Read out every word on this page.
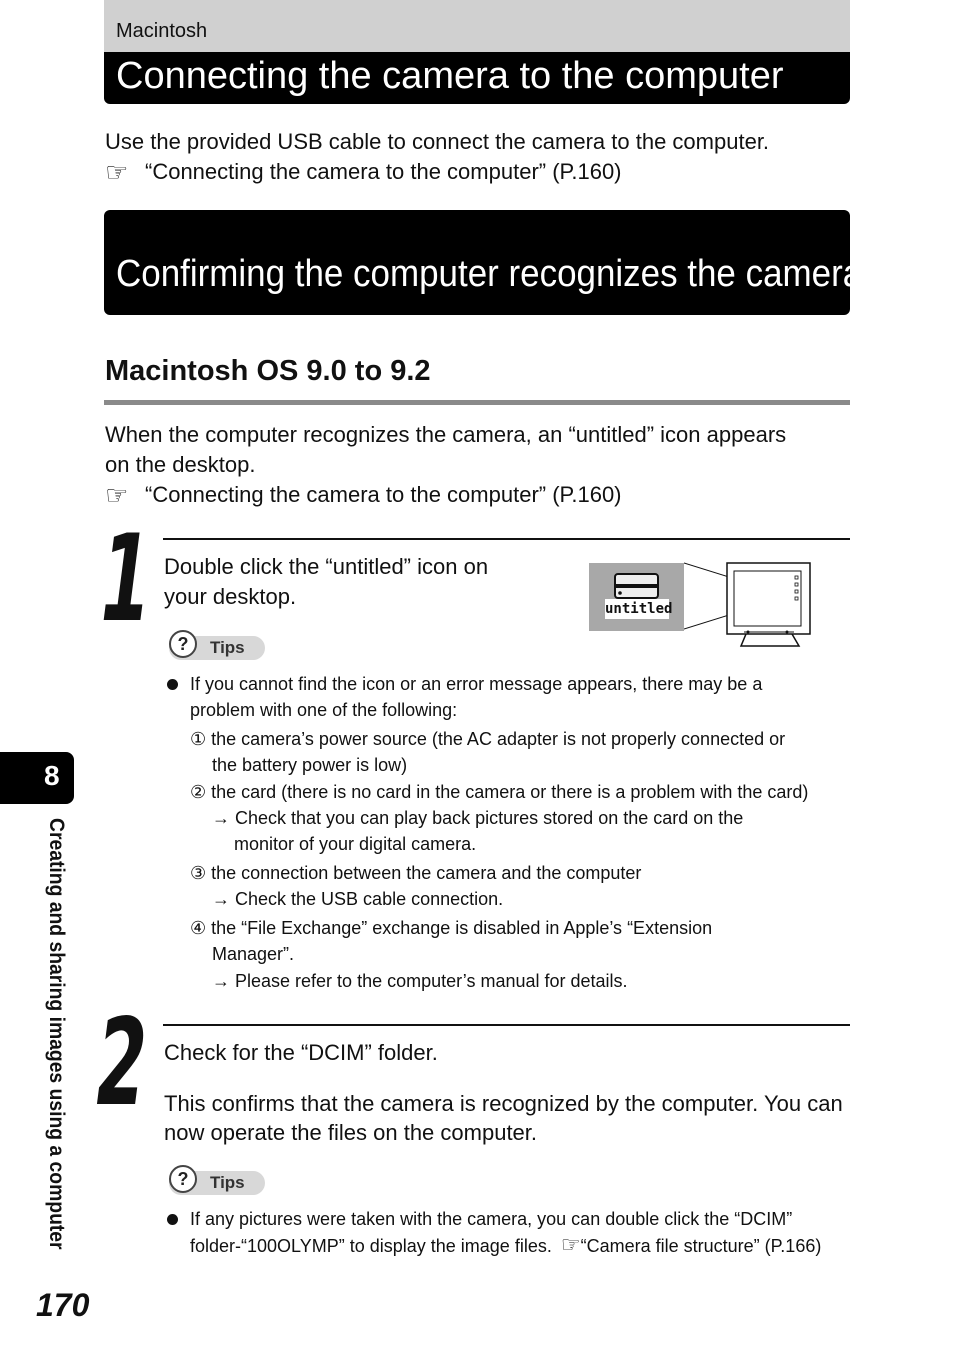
Macintosh
Connecting the camera to the computer
Use the provided USB cable to connect the camera to the computer.
☞ “Connecting the camera to the computer” (P.160)
Confirming the computer recognizes the camera
Macintosh OS 9.0 to 9.2
When the computer recognizes the camera, an “untitled” icon appears
on the desktop.
☞ “Connecting the camera to the computer” (P.160)
1 Double click the “untitled” icon on
your desktop.	untitled
?	Tips
If you cannot find the icon or an error message appears, there may be a
problem with one of the following:
① the camera’s power source (the AC adapter is not properly connected or
the battery power is low)
② the card (there is no card in the camera or there is a problem with the card)
→ Check that you can play back pictures stored on the card on the
monitor of your digital camera.
③ the connection between the camera and the computer
→ Check the USB cable connection.
④ the “File Exchange” exchange is disabled in Apple’s “Extension
Manager”.
→ Please refer to the computer’s manual for details.
2 Check for the “DCIM” folder.
This confirms that the camera is recognized by the computer. You can
now operate the files on the computer.
?	Tips
If any pictures were taken with the camera, you can double click the “DCIM”
folder-“100OLYMP” to display the image files. ☞“Camera file structure” (P.166)
8
Creating and sharing images using a computer
170
